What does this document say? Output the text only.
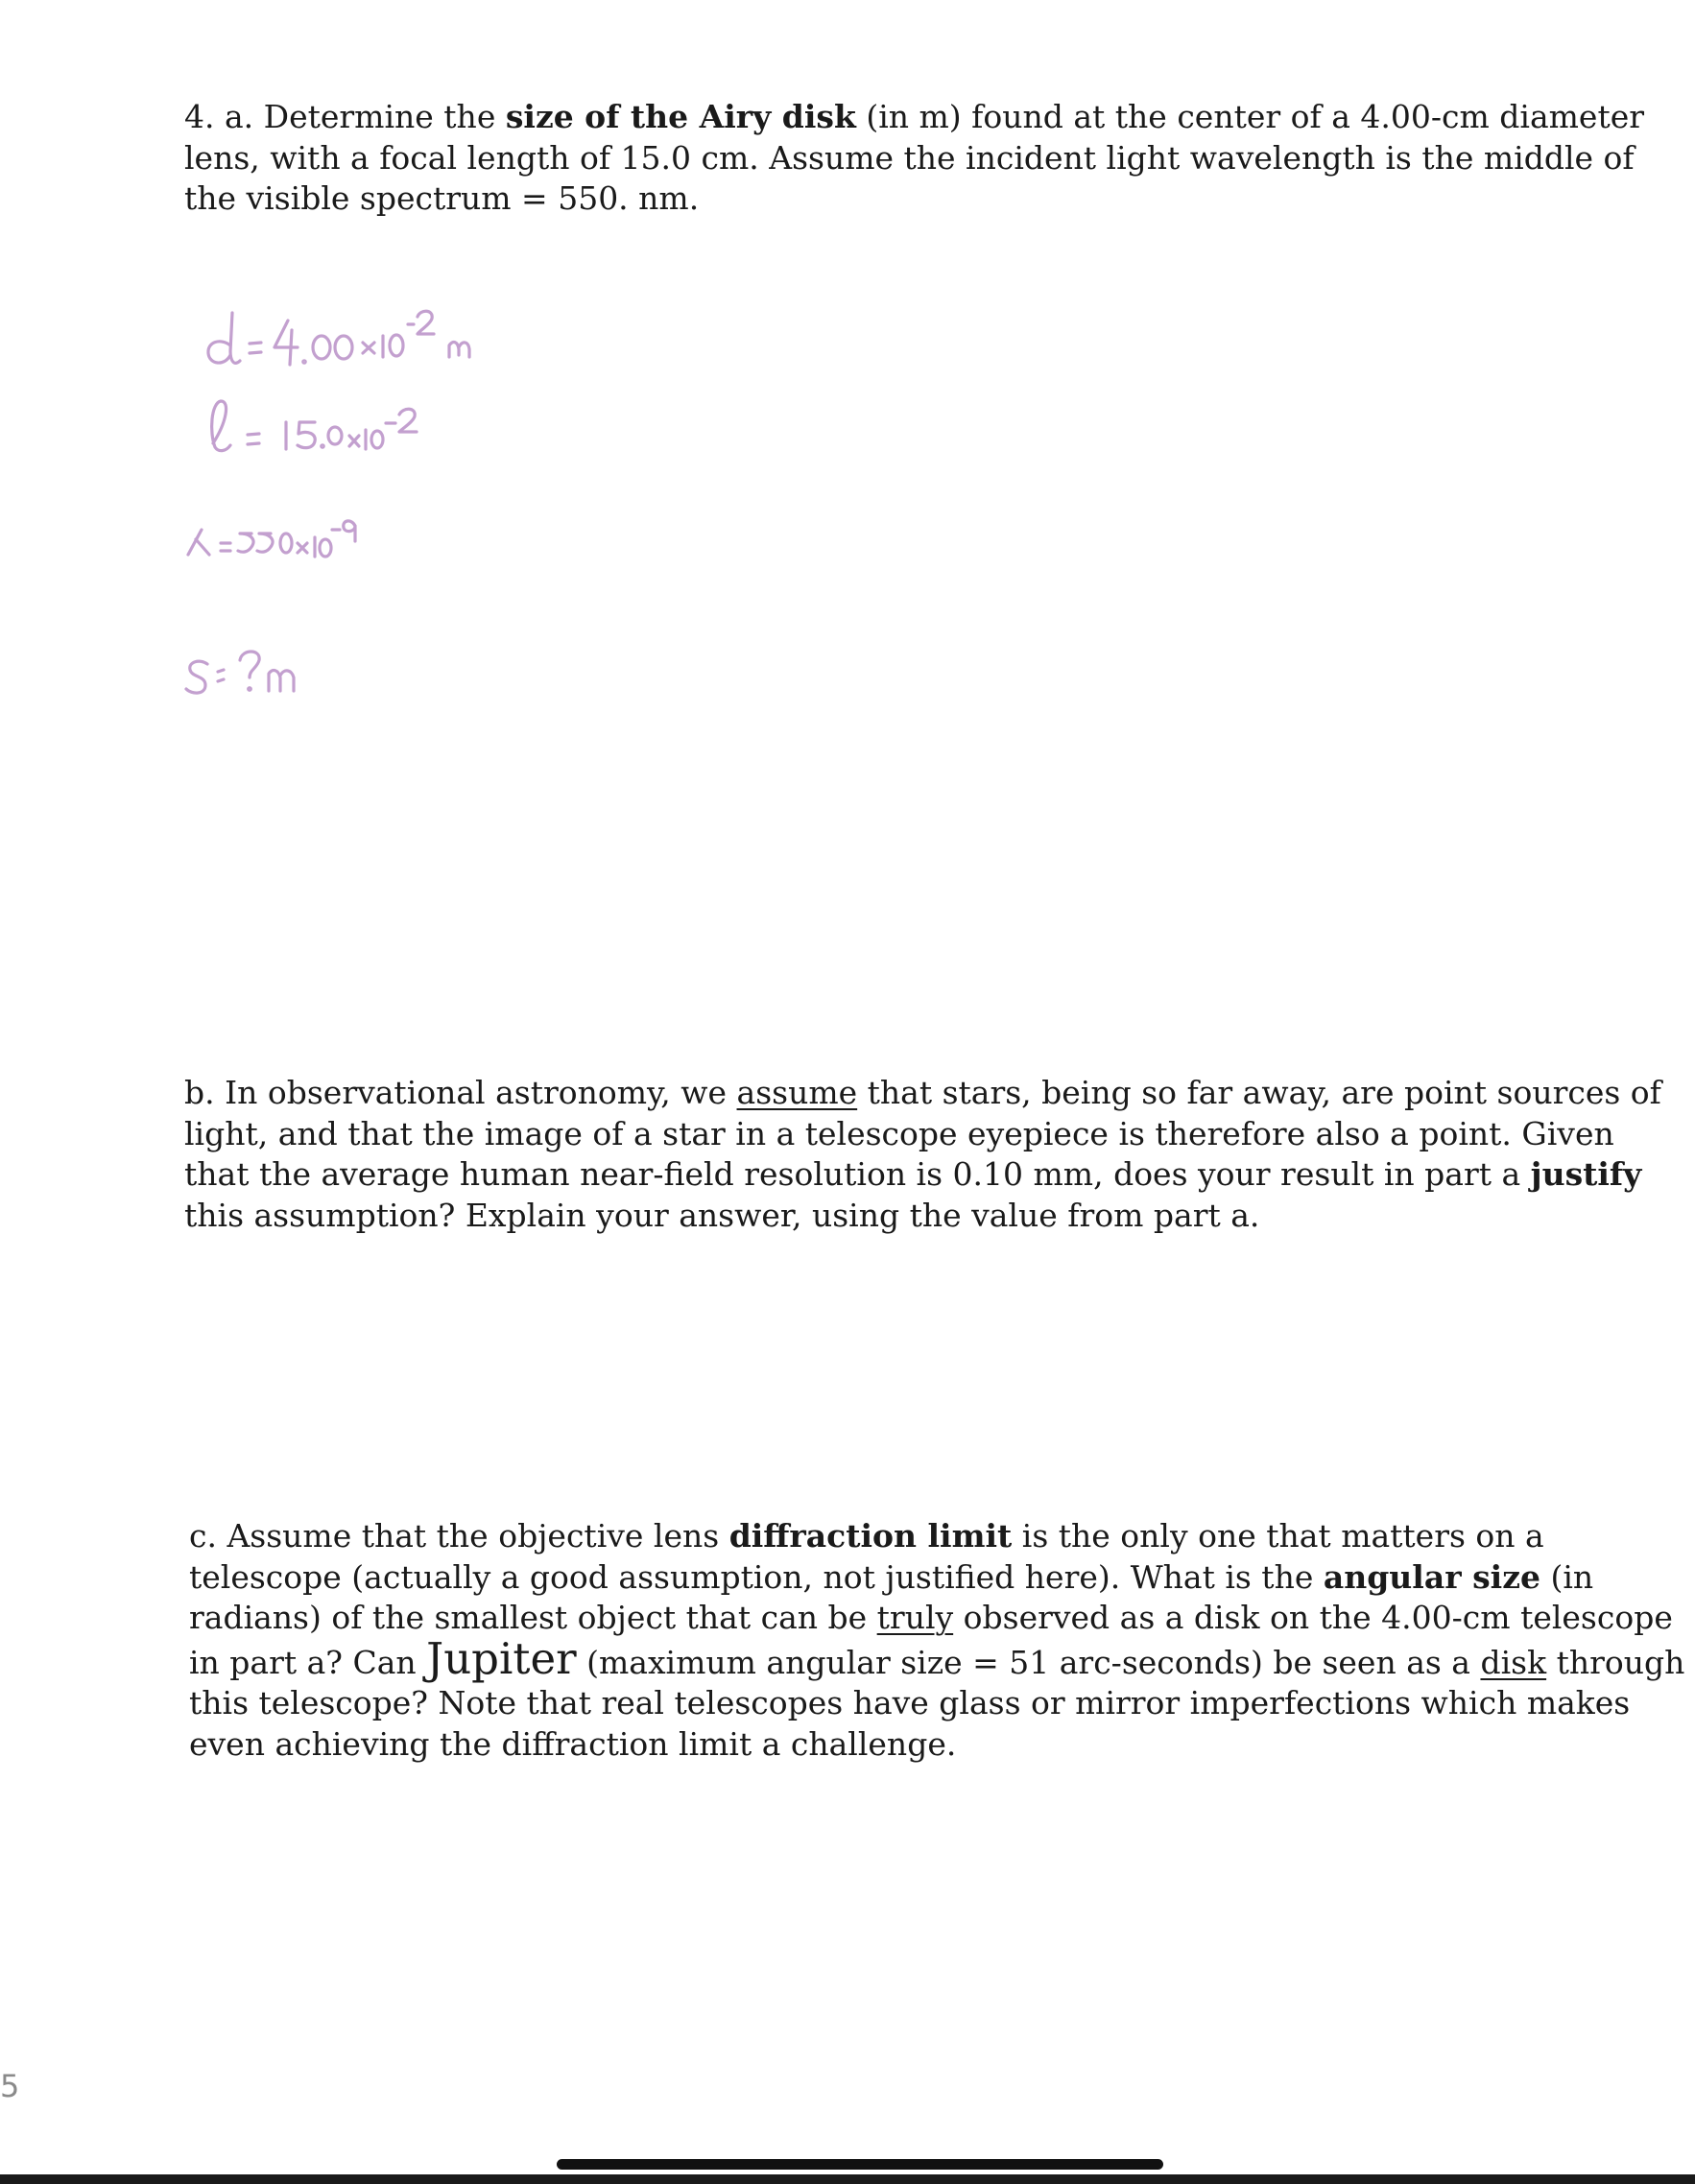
4. a. Determine the size of the Airy disk (in m) found at the center of a 4.00-cm diameter
lens, with a focal length of 15.0 cm. Assume the incident light wavelength is the middle of
the visible spectrum = 550. nm.
b. In observational astronomy, we assume that stars, being so far away, are point sources of
light, and that the image of a star in a telescope eyepiece is therefore also a point. Given
that the average human near-field resolution is 0.10 mm, does your result in part a justify
this assumption? Explain your answer, using the value from part a.
c. Assume that the objective lens diffraction limit is the only one that matters on a
telescope (actually a good assumption, not justified here). What is the angular size (in
radians) of the smallest object that can be truly observed as a disk on the 4.00-cm telescope
in part a? Can Jupiter (maximum angular size = 51 arc-seconds) be seen as a disk through
this telescope? Note that real telescopes have glass or mirror imperfections which makes
even achieving the diffraction limit a challenge.
5
